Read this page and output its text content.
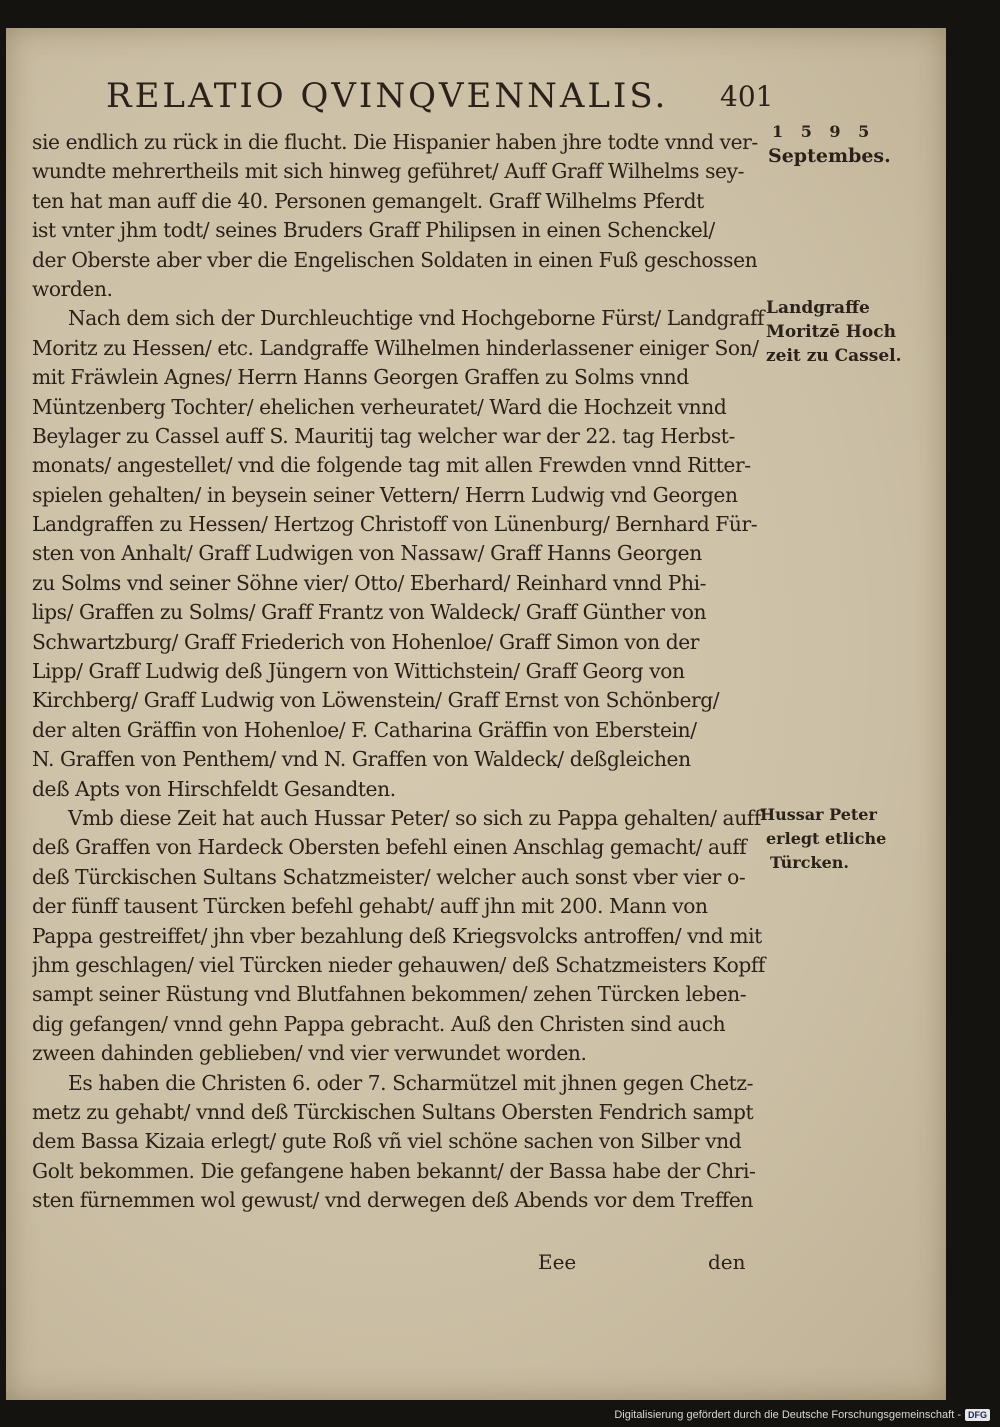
RELATIO QVINQVENNALIS. 401
sie endlich zu rück in die flucht. Die Hispanier haben jhre todte vnnd ver-
wundte mehrertheils mit sich hinweg geführet/ Auff Graff Wilhelms sey-
ten hat man auff die 40. Personen gemangelt. Graff Wilhelms Pferdt
ist vnter jhm todt/ seines Bruders Graff Philipsen in einen Schenckel/
der Oberste aber vber die Engelischen Soldaten in einen Fuß geschossen
worden.
Nach dem sich der Durchleuchtige vnd Hochgeborne Fürst/ Landgraff
Moritz zu Hessen/ etc. Landgraffe Wilhelmen hinderlassener einiger Son/
mit Fräwlein Agnes/ Herrn Hanns Georgen Graffen zu Solms vnnd
Müntzenberg Tochter/ ehelichen verheuratet/ Ward die Hochzeit vnnd
Beylager zu Cassel auff S. Mauritij tag welcher war der 22. tag Herbst-
monats/ angestellet/ vnd die folgende tag mit allen Frewden vnnd Ritter-
spielen gehalten/ in beysein seiner Vettern/ Herrn Ludwig vnd Georgen
Landgraffen zu Hessen/ Hertzog Christoff von Lünenburg/ Bernhard Für-
sten von Anhalt/ Graff Ludwigen von Nassaw/ Graff Hanns Georgen
zu Solms vnd seiner Söhne vier/ Otto/ Eberhard/ Reinhard vnnd Phi-
lips/ Graffen zu Solms/ Graff Frantz von Waldeck/ Graff Günther von
Schwartzburg/ Graff Friederich von Hohenloe/ Graff Simon von der
Lipp/ Graff Ludwig deß Jüngern von Wittichstein/ Graff Georg von
Kirchberg/ Graff Ludwig von Löwenstein/ Graff Ernst von Schönberg/
der alten Gräffin von Hohenloe/ F. Catharina Gräffin von Eberstein/
N. Graffen von Penthem/ vnd N. Graffen von Waldeck/ deßgleichen
deß Apts von Hirschfeldt Gesandten.
Vmb diese Zeit hat auch Hussar Peter/ so sich zu Pappa gehalten/ auff
deß Graffen von Hardeck Obersten befehl einen Anschlag gemacht/ auff
deß Türckischen Sultans Schatzmeister/ welcher auch sonst vber vier o-
der fünff tausent Türcken befehl gehabt/ auff jhn mit 200. Mann von
Pappa gestreiffet/ jhn vber bezahlung deß Kriegsvolcks antroffen/ vnd mit
jhm geschlagen/ viel Türcken nieder gehauwen/ deß Schatzmeisters Kopff
sampt seiner Rüstung vnd Blutfahnen bekommen/ zehen Türcken leben-
dig gefangen/ vnnd gehn Pappa gebracht. Auß den Christen sind auch
zween dahinden geblieben/ vnd vier verwundet worden.
Es haben die Christen 6. oder 7. Scharmützel mit jhnen gegen Chetz-
metz zu gehabt/ vnnd deß Türckischen Sultans Obersten Fendrich sampt
dem Bassa Kizaia erlegt/ gute Roß vñ viel schöne sachen von Silber vnd
Golt bekommen. Die gefangene haben bekannt/ der Bassa habe der Chri-
sten fürnemmen wol gewust/ vnd derwegen deß Abends vor dem Treffen
1 5 9 5
Septembes.
Landgraffe
Moritzē Hoch
zeit zu Cassel.
Hussar Peter
erlegt etliche
Türcken.
Eee	den
Digitalisierung gefördert durch die Deutsche Forschungsgemeinschaft - DFG
